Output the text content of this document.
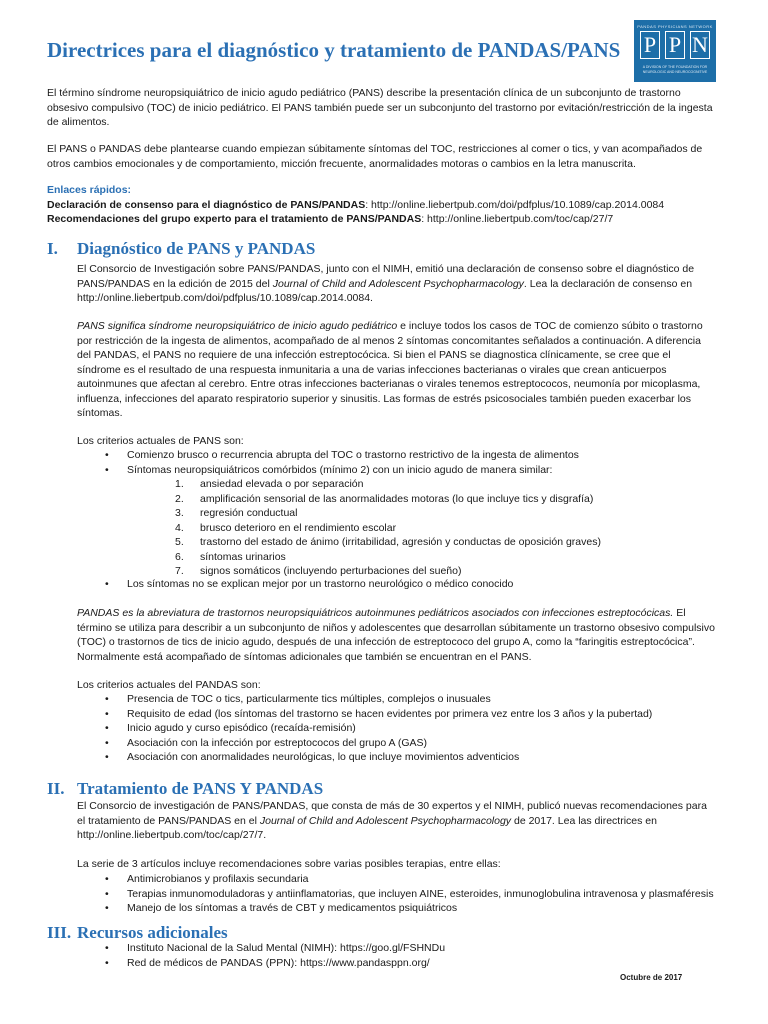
Directrices para el diagnóstico y tratamiento de PANDAS/PANS
PANDAS PHYSICIANS NETWORK
P P N
A DIVISION OF THE FOUNDATION FOR NEUROLOGIC AND NEUROCOGNITIVE

El término síndrome neuropsiquiátrico de inicio agudo pediátrico (PANS) describe la presentación clínica de un subconjunto de trastorno obsesivo compulsivo (TOC) de inicio pediátrico. El PANS también puede ser un subconjunto del trastorno por evitación/restricción de la ingesta de alimentos.

El PANS o PANDAS debe plantearse cuando empiezan súbitamente síntomas del TOC, restricciones al comer o tics, y van acompañados de otros cambios emocionales y de comportamiento, micción frecuente, anormalidades motoras o cambios en la letra manuscrita.

Enlaces rápidos:

Declaración de consenso para el diagnóstico de PANS/PANDAS: http://online.liebertpub.com/doi/pdfplus/10.1089/cap.2014.0084

Recomendaciones del grupo experto para el tratamiento de PANS/PANDAS: http://online.liebertpub.com/toc/cap/27/7

I. Diagnóstico de PANS y PANDAS

El Consorcio de Investigación sobre PANS/PANDAS, junto con el NIMH, emitió una declaración de consenso sobre el diagnóstico de PANS/PANDAS en la edición de 2015 del Journal of Child and Adolescent Psychopharmacology. Lea la declaración de consenso en http://online.liebertpub.com/doi/pdfplus/10.1089/cap.2014.0084.

PANS significa síndrome neuropsiquiátrico de inicio agudo pediátrico e incluye todos los casos de TOC de comienzo súbito o trastorno por restricción de la ingesta de alimentos, acompañado de al menos 2 síntomas concomitantes señalados a continuación. A diferencia del PANDAS, el PANS no requiere de una infección estreptocócica. Si bien el PANS se diagnostica clínicamente, se cree que el síndrome es el resultado de una respuesta inmunitaria a una de varias infecciones bacterianas o virales que crean anticuerpos autoinmunes que afectan al cerebro. Entre otras infecciones bacterianas o virales tenemos estreptococos, neumonía por micoplasma, influenza, infecciones del aparato respiratorio superior y sinusitis. Las formas de estrés psicosociales también pueden exacerbar los síntomas.

Los criterios actuales de PANS son:

• Comienzo brusco o recurrencia abrupta del TOC o trastorno restrictivo de la ingesta de alimentos
• Síntomas neuropsiquiátricos comórbidos (mínimo 2) con un inicio agudo de manera similar:
1.	ansiedad elevada o por separación
2.	amplificación sensorial de las anormalidades motoras (lo que incluye tics y disgrafía)
3.	regresión conductual
4.	brusco deterioro en el rendimiento escolar
5.	trastorno del estado de ánimo (irritabilidad, agresión y conductas de oposición graves)
6.	síntomas urinarios
7.	signos somáticos (incluyendo perturbaciones del sueño)
• Los síntomas no se explican mejor por un trastorno neurológico o médico conocido

PANDAS es la abreviatura de trastornos neuropsiquiátricos autoinmunes pediátricos asociados con infecciones estreptocócicas. El término se utiliza para describir a un subconjunto de niños y adolescentes que desarrollan súbitamente un trastorno obsesivo compulsivo (TOC) o trastornos de tics de inicio agudo, después de una infección de estreptococo del grupo A, como la “faringitis estreptocócica”. Normalmente está acompañado de síntomas adicionales que también se encuentran en el PANS.

Los criterios actuales del PANDAS son:

• Presencia de TOC o tics, particularmente tics múltiples, complejos o inusuales
• Requisito de edad (los síntomas del trastorno se hacen evidentes por primera vez entre los 3 años y la pubertad)
• Inicio agudo y curso episódico (recaída-remisión)
• Asociación con la infección por estreptococos del grupo A (GAS)
• Asociación con anormalidades neurológicas, lo que incluye movimientos adventicios
II. Tratamiento de PANS Y PANDAS

El Consorcio de investigación de PANS/PANDAS, que consta de más de 30 expertos y el NIMH, publicó nuevas recomendaciones para el tratamiento de PANS/PANDAS en el Journal of Child and Adolescent Psychopharmacology de 2017. Lea las directrices en http://online.liebertpub.com/toc/cap/27/7.

La serie de 3 artículos incluye recomendaciones sobre varias posibles terapias, entre ellas:

• Antimicrobianos y profilaxis secundaria
• Terapias inmunomoduladoras y antiinflamatorias, que incluyen AINE, esteroides, inmunoglobulina intravenosa y plasmaféresis
• Manejo de los síntomas a través de CBT y medicamentos psiquiátricos
III. Recursos adicionales
• Instituto Nacional de la Salud Mental (NIMH): https://goo.gl/FSHNDu
• Red de médicos de PANDAS (PPN): https://www.pandasppn.org/

Octubre de 2017
